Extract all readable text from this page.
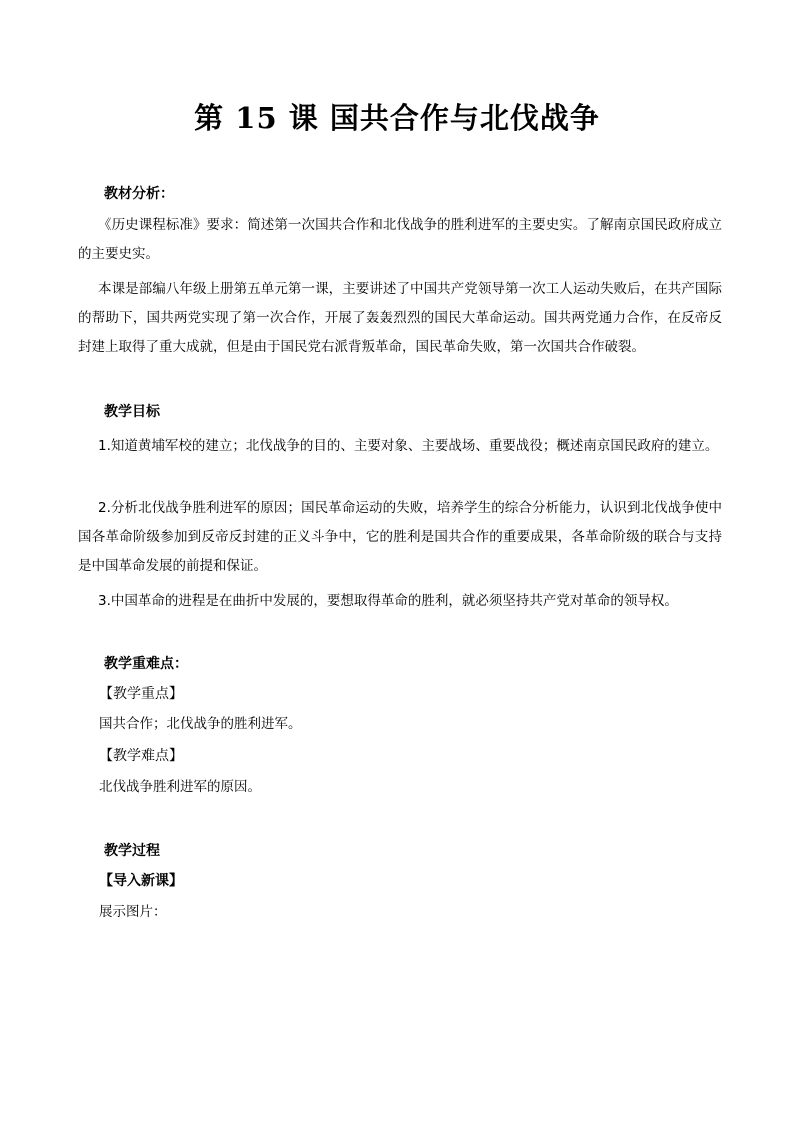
第 15 课 国共合作与北伐战争
教材分析：
《历史课程标准》要求：简述第一次国共合作和北伐战争的胜利进军的主要史实。了解南京国民政府成立的主要史实。
本课是部编八年级上册第五单元第一课，主要讲述了中国共产党领导第一次工人运动失败后，在共产国际的帮助下，国共两党实现了第一次合作，开展了轰轰烈烈的国民大革命运动。国共两党通力合作，在反帝反封建上取得了重大成就，但是由于国民党右派背叛革命，国民革命失败，第一次国共合作破裂。
教学目标
1.知道黄埔军校的建立；北伐战争的目的、主要对象、主要战场、重要战役；概述南京国民政府的建立。
2.分析北伐战争胜利进军的原因；国民革命运动的失败，培养学生的综合分析能力，认识到北伐战争使中国各革命阶级参加到反帝反封建的正义斗争中，它的胜利是国共合作的重要成果，各革命阶级的联合与支持是中国革命发展的前提和保证。
3.中国革命的进程是在曲折中发展的，要想取得革命的胜利，就必须坚持共产党对革命的领导权。
教学重难点：
【教学重点】
国共合作；北伐战争的胜利进军。
【教学难点】
北伐战争胜利进军的原因。
教学过程
【导入新课】
展示图片：
